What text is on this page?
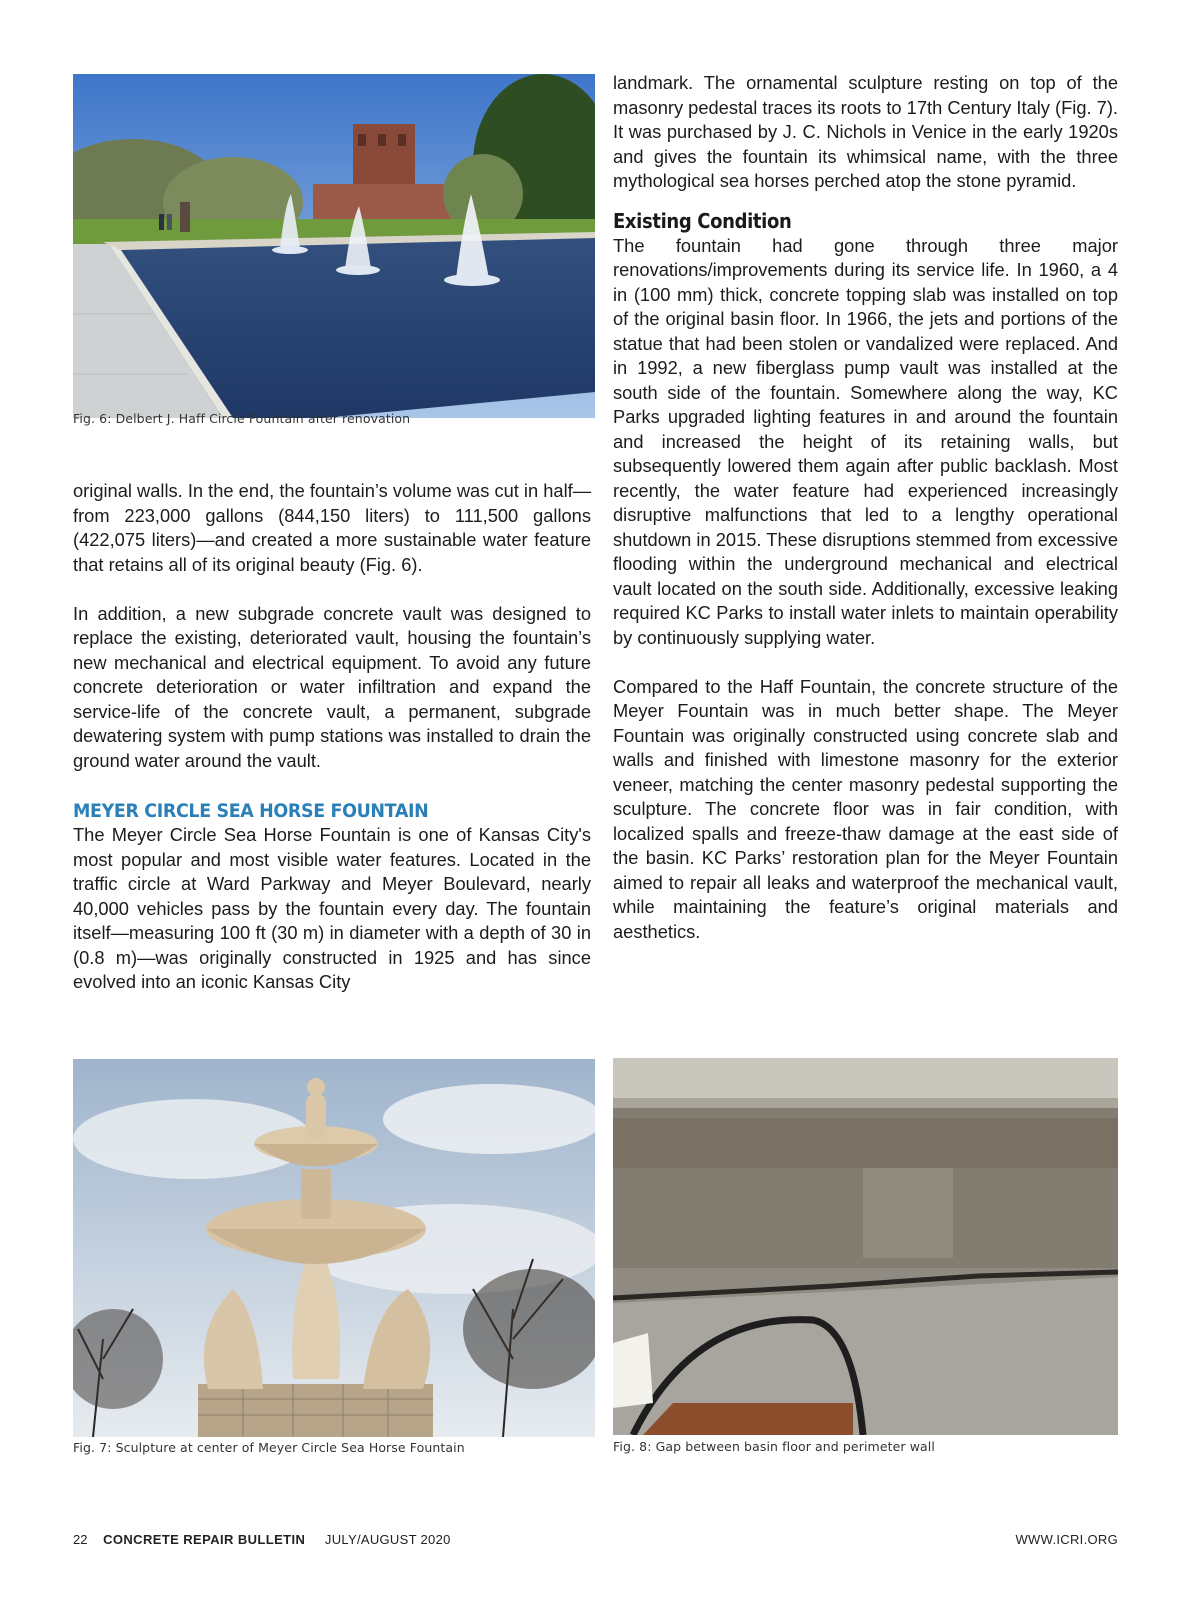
Fig. 6: Delbert J. Haff Circle Fountain after renovation

original walls. In the end, the fountain’s volume was cut in half—from 223,000 gallons (844,150 liters) to 111,500 gallons (422,075 liters)—and created a more sustainable water feature that retains all of its original beauty (Fig. 6).

In addition, a new subgrade concrete vault was designed to replace the existing, deteriorated vault, housing the fountain’s new mechanical and electrical equipment. To avoid any future concrete deterioration or water infiltration and expand the service-life of the concrete vault, a permanent, subgrade dewatering system with pump stations was installed to drain the ground water around the vault.

MEYER CIRCLE SEA HORSE FOUNTAIN

The Meyer Circle Sea Horse Fountain is one of Kansas City's most popular and most visible water features. Located in the traffic circle at Ward Parkway and Meyer Boulevard, nearly 40,000 vehicles pass by the fountain every day. The fountain itself—measuring 100 ft (30 m) in diameter with a depth of 30 in (0.8 m)—was originally constructed in 1925 and has since evolved into an iconic Kansas City

landmark. The ornamental sculpture resting on top of the masonry pedestal traces its roots to 17th Century Italy (Fig. 7). It was purchased by J. C. Nichols in Venice in the early 1920s and gives the fountain its whimsical name, with the three mythological sea horses perched atop the stone pyramid.

Existing Condition

The fountain had gone through three major renovations/improvements during its service life. In 1960, a 4 in (100 mm) thick, concrete topping slab was installed on top of the original basin floor. In 1966, the jets and portions of the statue that had been stolen or vandalized were replaced. And in 1992, a new fiberglass pump vault was installed at the south side of the fountain. Somewhere along the way, KC Parks upgraded lighting features in and around the fountain and increased the height of its retaining walls, but subsequently lowered them again after public backlash. Most recently, the water feature had experienced increasingly disruptive malfunctions that led to a lengthy operational shutdown in 2015. These disruptions stemmed from excessive flooding within the underground mechanical and electrical vault located on the south side. Additionally, excessive leaking required KC Parks to install water inlets to maintain operability by continuously supplying water.

Compared to the Haff Fountain, the concrete structure of the Meyer Fountain was in much better shape. The Meyer Fountain was originally constructed using concrete slab and walls and finished with limestone masonry for the exterior veneer, matching the center masonry pedestal supporting the sculpture. The concrete floor was in fair condition, with localized spalls and freeze-thaw damage at the east side of the basin. KC Parks’ restoration plan for the Meyer Fountain aimed to repair all leaks and waterproof the mechanical vault, while maintaining the feature’s original materials and aesthetics.

Fig. 7: Sculpture at center of Meyer Circle Sea Horse Fountain	Fig. 8: Gap between basin floor and perimeter wall
22 CONCRETE REPAIR BULLETIN JULY/AUGUST 2020	WWW.ICRI.ORG
